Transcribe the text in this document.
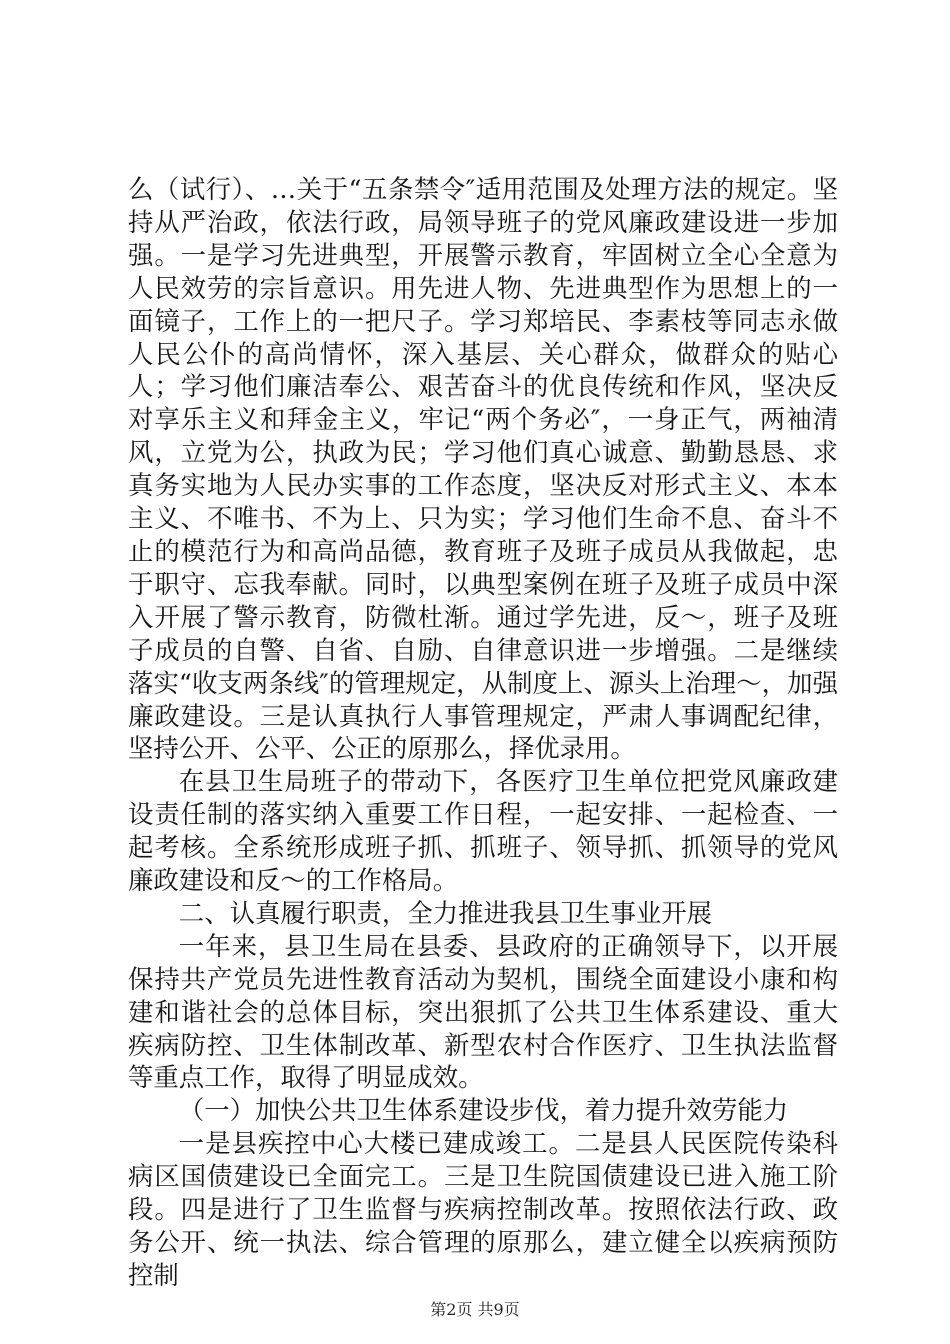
么（试行）、…关于“五条禁令″适用范围及处理方法的规定。坚持从严治政，依法行政，局领导班子的党风廉政建设进一步加强。一是学习先进典型，开展警示教育，牢固树立全心全意为人民效劳的宗旨意识。用先进人物、先进典型作为思想上的一面镜子，工作上的一把尺子。学习郑培民、李素枝等同志永做人民公仆的高尚情怀，深入基层、关心群众，做群众的贴心人；学习他们廉洁奉公、艰苦奋斗的优良传统和作风，坚决反对享乐主义和拜金主义，牢记“两个务必″，一身正气，两袖清风，立党为公，执政为民；学习他们真心诚意、勤勤恳恳、求真务实地为人民办实事的工作态度，坚决反对形式主义、本本主义、不唯书、不为上、只为实；学习他们生命不息、奋斗不止的模范行为和高尚品德，教育班子及班子成员从我做起，忠于职守、忘我奉献。同时，以典型案例在班子及班子成员中深入开展了警示教育，防微杜渐。通过学先进，反～，班子及班子成员的自警、自省、自励、自律意识进一步增强。二是继续落实“收支两条线″的管理规定，从制度上、源头上治理～，加强廉政建设。三是认真执行人事管理规定，严肃人事调配纪律，坚持公开、公平、公正的原那么，择优录用。

在县卫生局班子的带动下，各医疗卫生单位把党风廉政建设责任制的落实纳入重要工作日程，一起安排、一起检查、一起考核。全系统形成班子抓、抓班子、领导抓、抓领导的党风廉政建设和反～的工作格局。

二、认真履行职责，全力推进我县卫生事业开展

一年来，县卫生局在县委、县政府的正确领导下，以开展保持共产党员先进性教育活动为契机，围绕全面建设小康和构建和谐社会的总体目标，突出狠抓了公共卫生体系建设、重大疾病防控、卫生体制改革、新型农村合作医疗、卫生执法监督等重点工作，取得了明显成效。

（一）加快公共卫生体系建设步伐，着力提升效劳能力

一是县疾控中心大楼已建成竣工。二是县人民医院传染科病区国债建设已全面完工。三是卫生院国债建设已进入施工阶段。四是进行了卫生监督与疾病控制改革。按照依法行政、政务公开、统一执法、综合管理的原那么，建立健全以疾病预防控制

第2页 共9页
